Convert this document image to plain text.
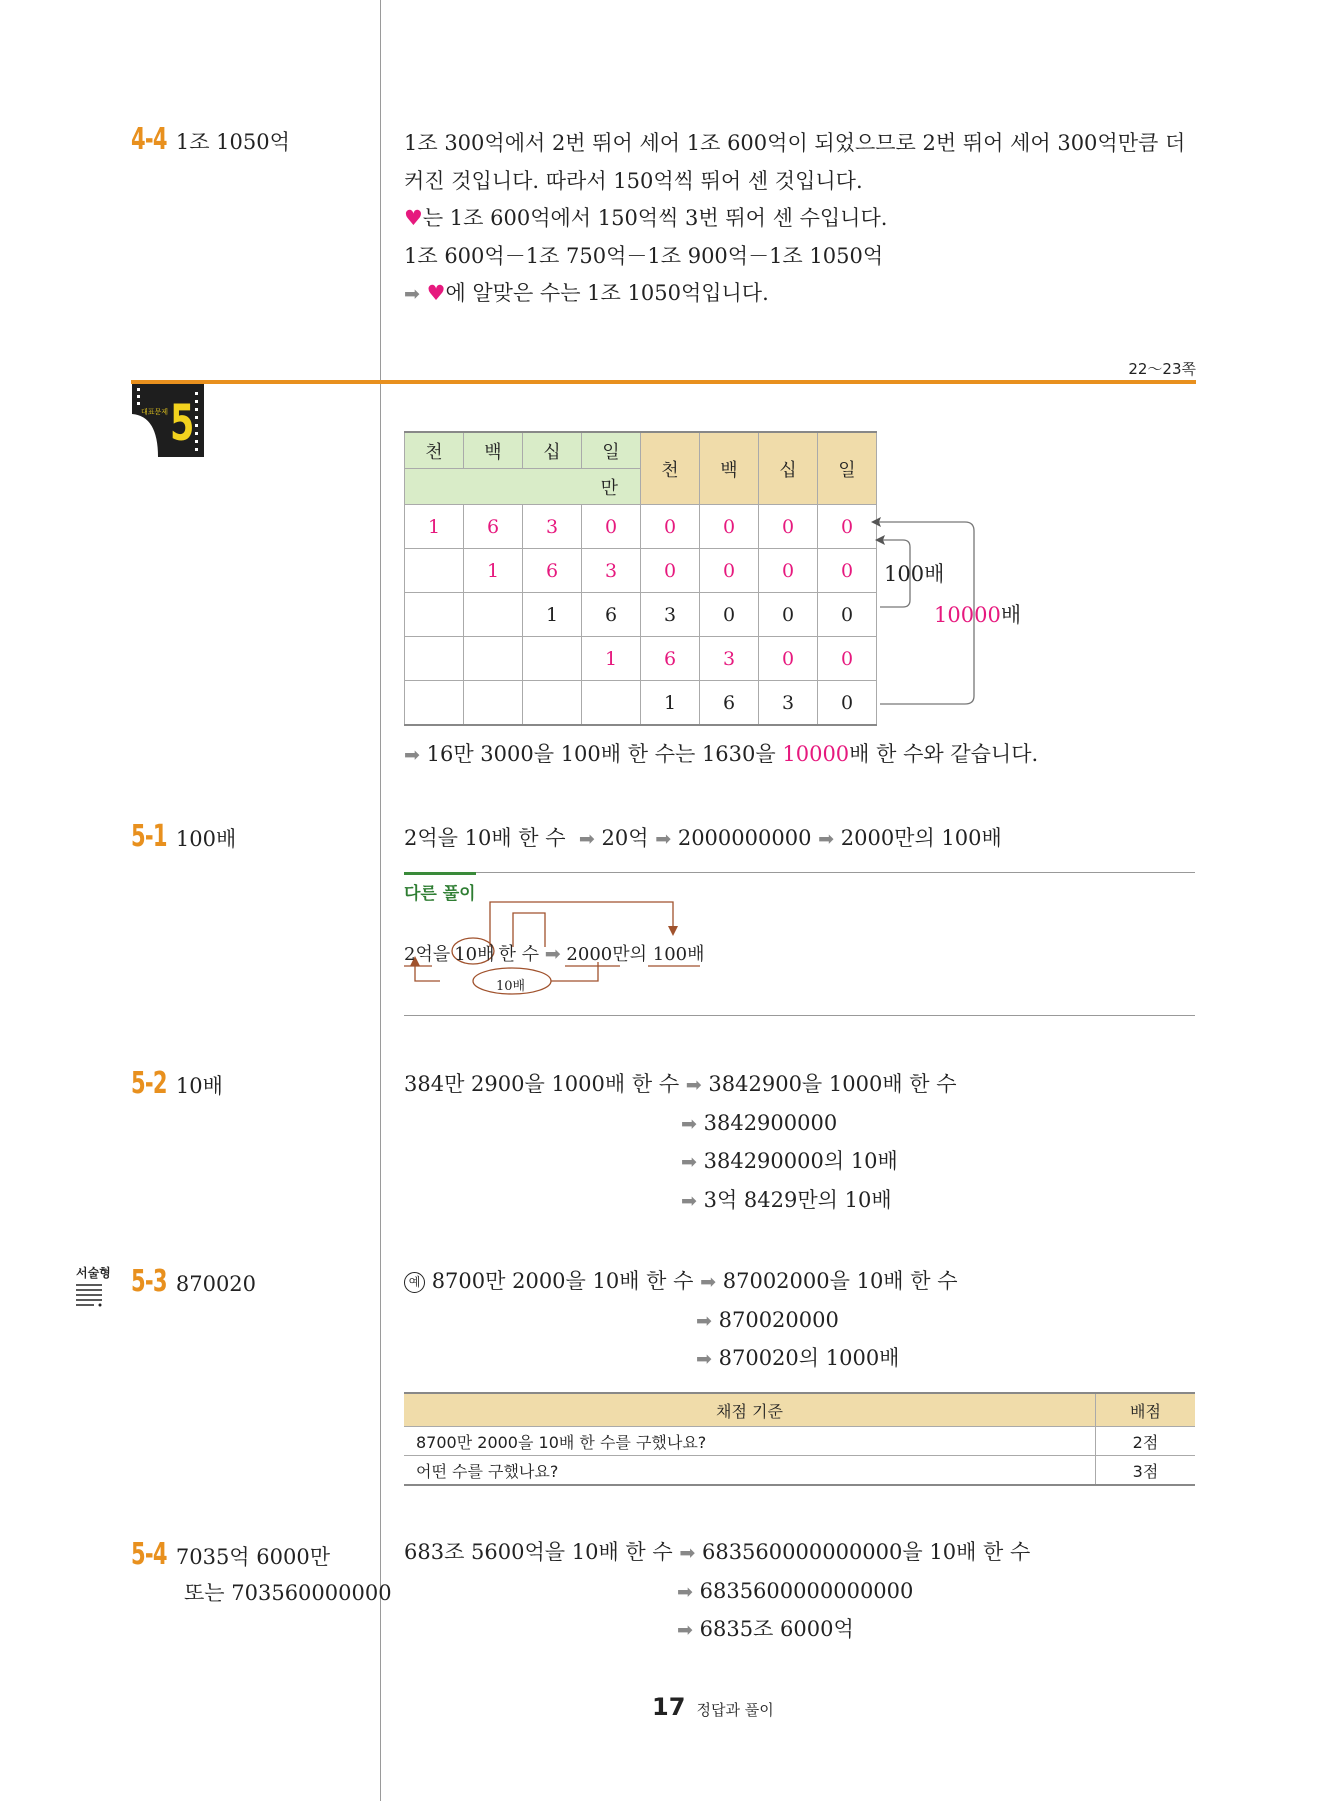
4-4 1조 1050억	1조 300억에서 2번 뛰어 세어 1조 600억이 되었으므로 2번 뛰어 세어 300억만큼 더
커진 것입니다. 따라서 150억씩 뛰어 센 것입니다.
♥는 1조 600억에서 150억씩 3번 뛰어 센 수입니다.
1조 600억－1조 750억－1조 900억－1조 1050억
➡ ♥에 알맞은 수는 1조 1050억입니다.
22～23쪽
대표문제 5	천	백	십	일	천	백	십	일
만							
1	6	3	0	0	0	0	0
	1	6	3	0	0	0	0
		1	6	3	0	0	0
			1	6	3	0	0
				1	6	3	0
100배
10000배
➡ 16만 3000을 100배 한 수는 1630을 10000배 한 수와 같습니다.
5-1 100배	2억을 10배 한 수 ➡ 20억 ➡ 2000000000 ➡ 2000만의 100배
다른 풀이
2억을 10배 한 수 ➡ 2000만의 100배
10배
5-2 10배	384만 2900을 1000배 한 수 ➡ 3842900을 1000배 한 수
➡ 3842900000
➡ 384290000의 10배
➡ 3억 8429만의 10배
서술형 5-3 870020	예 8700만 2000을 10배 한 수 ➡ 87002000을 10배 한 수
➡ 870020000
➡ 870020의 1000배
채점 기준	배점
8700만 2000을 10배 한 수를 구했나요?	2점
어떤 수를 구했나요?	3점
5-4 7035억 6000만
또는 703560000000
683조 5600억을 10배 한 수 ➡ 683560000000000을 10배 한 수
➡ 6835600000000000
➡ 6835조 6000억
17 정답과 풀이
